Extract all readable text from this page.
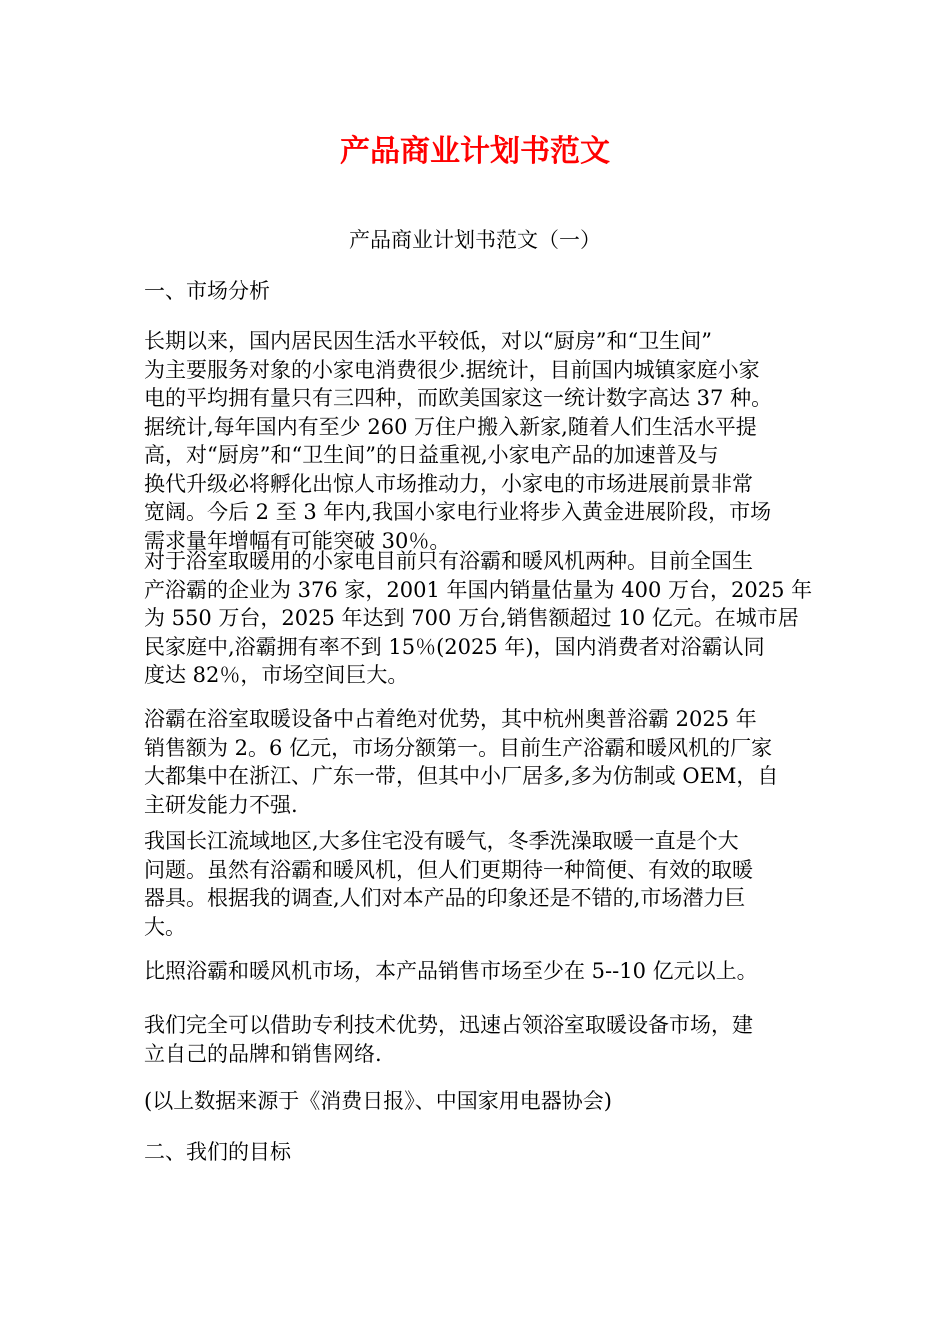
产品商业计划书范文

产品商业计划书范文（一）

一、市场分析

长期以来，国内居民因生活水平较低，对以“厨房”和“卫生间”
为主要服务对象的小家电消费很少.据统计，目前国内城镇家庭小家
电的平均拥有量只有三四种，而欧美国家这一统计数字高达 37 种。
据统计,每年国内有至少 260 万住户搬入新家,随着人们生活水平提
高，对“厨房”和“卫生间”的日益重视,小家电产品的加速普及与
换代升级必将孵化出惊人市场推动力，小家电的市场进展前景非常
宽阔。今后 2 至 3 年内,我国小家电行业将步入黄金进展阶段，市场
需求量年增幅有可能突破 30％。
对于浴室取暖用的小家电目前只有浴霸和暖风机两种。目前全国生
产浴霸的企业为 376 家，2001 年国内销量估量为 400 万台，2025 年
为 550 万台，2025 年达到 700 万台,销售额超过 10 亿元。在城市居
民家庭中,浴霸拥有率不到 15％(2025 年)，国内消费者对浴霸认同
度达 82％，市场空间巨大。
浴霸在浴室取暖设备中占着绝对优势，其中杭州奥普浴霸 2025 年
销售额为 2。6 亿元，市场分额第一。目前生产浴霸和暖风机的厂家
大都集中在浙江、广东一带，但其中小厂居多,多为仿制或 OEM，自
主研发能力不强.
我国长江流域地区,大多住宅没有暖气，冬季洗澡取暖一直是个大
问题。虽然有浴霸和暖风机，但人们更期待一种简便、有效的取暖
器具。根据我的调查,人们对本产品的印象还是不错的,市场潜力巨
大。
比照浴霸和暖风机市场，本产品销售市场至少在 5--10 亿元以上。
我们完全可以借助专利技术优势，迅速占领浴室取暖设备市场，建
立自己的品牌和销售网络.
(以上数据来源于《消费日报》、中国家用电器协会)

二、我们的目标
